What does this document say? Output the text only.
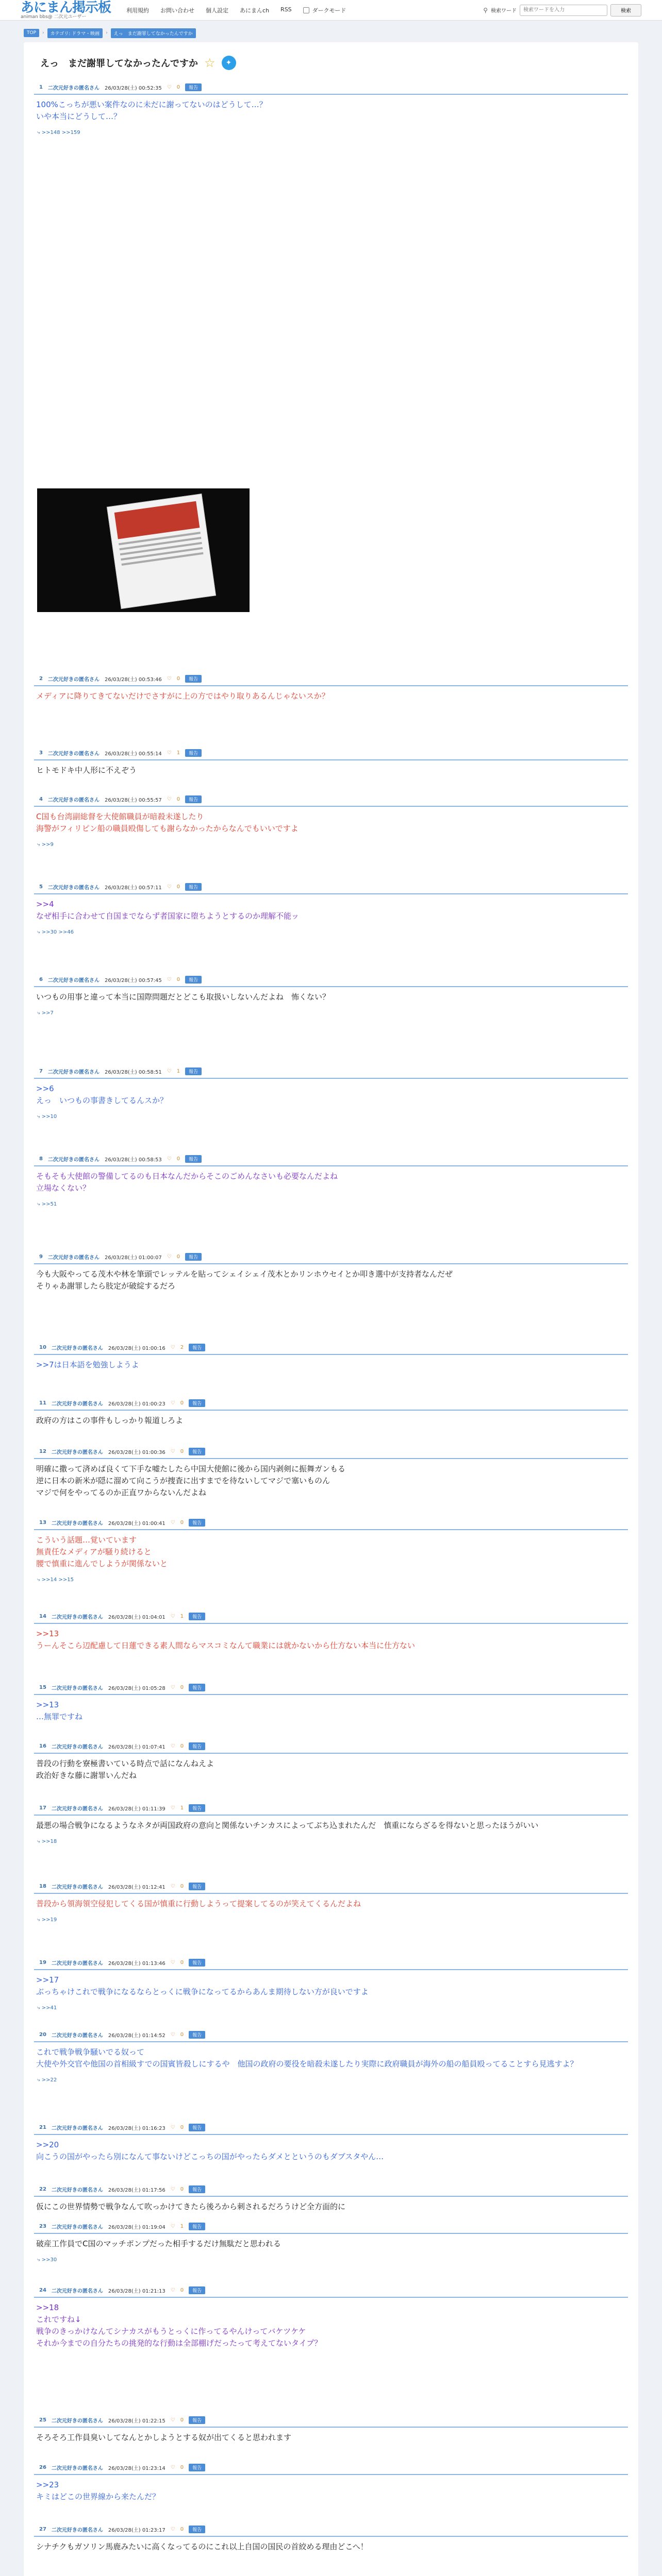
あにまん掲示板
animan bbs@ 二次元ユーザー
利用規約 お問い合わせ 個人設定 あにまんch RSS	ダークモード	⚲ 検索ワード
検索ワードを入力	検索
TOP	›	カテゴリ: ドラマ・映画	›	えっ　まだ謝罪してなかったんですか
えっ　まだ謝罪してなかったんですか ☆	✦
1 二次元好きの匿名さん 26/03/28(土) 00:52:35 ♡ 0	報告
100%こっちが悪い案件なのに未だに謝ってないのはどうして…？
いや本当にどうして…？
⤷ >>148 >>159
2 二次元好きの匿名さん 26/03/28(土) 00:53:46 ♡ 0	報告
メディアに降りてきてないだけでさすがに上の方ではやり取りあるんじゃないスか？
3 二次元好きの匿名さん 26/03/28(土) 00:55:14 ♡ 1	報告
ヒトモドキ中人形に不えぞう
4 二次元好きの匿名さん 26/03/28(土) 00:55:57 ♡ 0	報告
C国も台湾副総督を大使館職員が暗殺未遂したり
海警がフィリピン船の職員殴傷しても謝らなかったからなんでもいいですよ
⤷ >>9
5 二次元好きの匿名さん 26/03/28(土) 00:57:11 ♡ 0	報告
>>4
なぜ相手に合わせて自国までならず者国家に堕ちようとするのか理解不能ッ
⤷ >>30 >>46
6 二次元好きの匿名さん 26/03/28(土) 00:57:45 ♡ 0	報告
いつもの用事と違って本当に国際問題だとどこも取扱いしないんだよね　怖くない？
⤷ >>7
7 二次元好きの匿名さん 26/03/28(土) 00:58:51 ♡ 1	報告
>>6
えっ　いつもの事書きしてるんスか？
⤷ >>10
8 二次元好きの匿名さん 26/03/28(土) 00:58:53 ♡ 0	報告
そもそも大使館の警備してるのも日本なんだからそこのごめんなさいも必要なんだよね
立場なくない？
⤷ >>51
9 二次元好きの匿名さん 26/03/28(土) 01:00:07 ♡ 0	報告
今も大阪やってる茂木や林を筆頭でレッテルを貼ってシェイシェイ茂木とかリンホウセイとか叩き選中が支持者なんだぜ
そりゃあ謝罪したら肢定が破綻するだろ
10 二次元好きの匿名さん 26/03/28(土) 01:00:16 ♡ 2	報告
>>7は日本語を勉強しようよ
11 二次元好きの匿名さん 26/03/28(土) 01:00:23 ♡ 0	報告
政府の方はこの事件もしっかり報道しろよ
12 二次元好きの匿名さん 26/03/28(土) 01:00:36 ♡ 0	報告
明確に撒って済めば良くて下手な嘘たしたら中国大使館に後から国内剥剣に振舞ガンもる
逆に日本の新米が隠に溜めて向こうが捜査に出すまでを待ないしてマジで塞いものん
マジで何をやってるのか正直ワからないんだよね
13 二次元好きの匿名さん 26/03/28(土) 01:00:41 ♡ 0	報告
こういう話題…覚いています
無責任なメディアが騒り続けると
腰で慎重に進んでしようが関係ないと
⤷ >>14 >>15
14 二次元好きの匿名さん 26/03/28(土) 01:04:01 ♡ 1	報告
>>13
うーんそこら辺配慮して日蓮できる素人間ならマスコミなんて職業には就かないから仕方ない本当に仕方ない
15 二次元好きの匿名さん 26/03/28(土) 01:05:28 ♡ 0	報告
>>13
…無罪ですね
16 二次元好きの匿名さん 26/03/28(土) 01:07:41 ♡ 0	報告
普段の行動を寮極書いている時点で話になんねえよ
政治好きな藤に謝罪いんだね
17 二次元好きの匿名さん 26/03/28(土) 01:11:39 ♡ 1	報告
最悪の場合戦争になるようなネタが両国政府の意向と関係ないチンカスによってぶち込まれたんだ　慎重にならざるを得ないと思ったほうがいい
⤷ >>18
18 二次元好きの匿名さん 26/03/28(土) 01:12:41 ♡ 0	報告
普段から領海領空侵犯してくる国が慎重に行動しようって提案してるのが笑えてくるんだよね
⤷ >>19
19 二次元好きの匿名さん 26/03/28(土) 01:13:46 ♡ 0	報告
>>17
ぶっちゃけこれで戦争になるならとっくに戦争になってるからあんま期待しない方が良いですよ
⤷ >>41
20 二次元好きの匿名さん 26/03/28(土) 01:14:52 ♡ 0	報告
これで戦争戦争騒いでる奴って
大使や外交官や他国の首相級すでの国賓皆殺しにするや　他国の政府の要役を暗殺未遂したり実際に政府職員が海外の船の船員殴ってることすら見逃すよ？
⤷ >>22
21 二次元好きの匿名さん 26/03/28(土) 01:16:23 ♡ 0	報告
>>20
向こうの国がやったら別になんて事ないけどこっちの国がやったらダメとというのもダブスタやん…
22 二次元好きの匿名さん 26/03/28(土) 01:17:56 ♡ 0	報告
仮にこの世界情勢で戦争なんて吹っかけてきたら後ろから刺されるだろうけど全方面的に
23 二次元好きの匿名さん 26/03/28(土) 01:19:04 ♡ 1	報告
破産工作員でC国のマッチポンプだった相手するだけ無駄だと思われる
⤷ >>30
24 二次元好きの匿名さん 26/03/28(土) 01:21:13 ♡ 0	報告
>>18
これですね↓
戦争のきっかけなんてシナカスがもうとっくに作ってるやんけってバケツケケ
それか今までの自分たちの挑発的な行動は全部棚げだったって考えてないタイプ？
25 二次元好きの匿名さん 26/03/28(土) 01:22:15 ♡ 0	報告
そろそろ工作員臭いしてなんとかしようとする奴が出てくると思われます
26 二次元好きの匿名さん 26/03/28(土) 01:23:14 ♡ 0	報告
>>23
キミはどこの世界線から来たんだ？
27 二次元好きの匿名さん 26/03/28(土) 01:23:17 ♡ 0	報告
シナチクもガソリン馬鹿みたいに高くなってるのにこれ以上自国の国民の首絞める理由どこへ！
